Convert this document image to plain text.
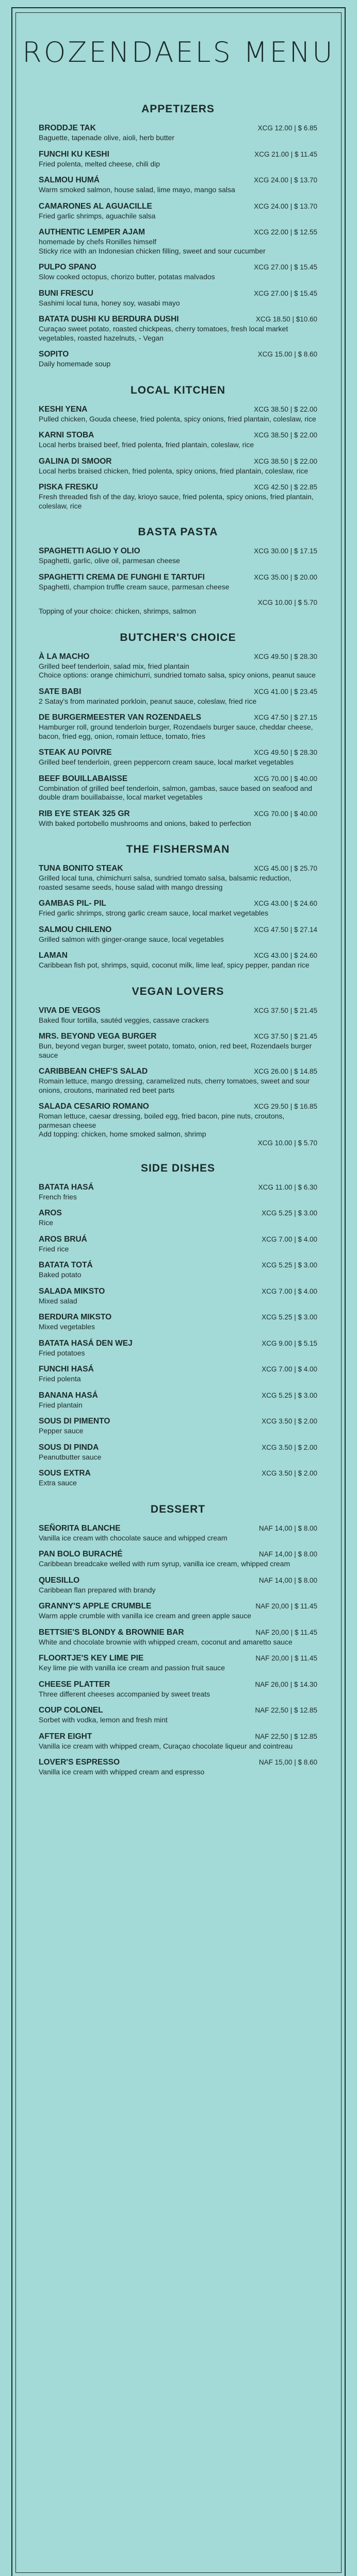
ROZENDAELS MENU
APPETIZERS
BRODDJE TAK	XCG 12.00 | $ 6.85
Baguette, tapenade olive, aioli, herb butter
FUNCHI KU KESHI	XCG 21.00 | $ 11.45
Fried polenta, melted cheese, chili dip
SALMOU HUMÁ	XCG 24.00 | $ 13.70
Warm smoked salmon, house salad, lime mayo, mango salsa
CAMARONES AL AGUACILLE	XCG 24.00 | $ 13.70
Fried garlic shrimps, aguachile salsa
AUTHENTIC LEMPER AJAM	XCG 22.00 | $ 12.55
homemade by chefs Ronilles himself
Sticky rice with an Indonesian chicken filling, sweet and sour cucumber
PULPO SPANO	XCG 27.00 | $ 15.45
Slow cooked octopus, chorizo butter, potatas malvados
BUNI FRESCU	XCG 27.00 | $ 15.45
Sashimi local tuna, honey soy, wasabi mayo
BATATA DUSHI KU BERDURA DUSHI	XCG 18.50 | $10.60
Curaçao sweet potato, roasted chickpeas, cherry tomatoes, fresh local market vegetables, roasted hazelnuts, - Vegan
SOPITO	XCG 15.00 | $ 8.60
Daily homemade soup
LOCAL KITCHEN
KESHI YENA	XCG 38.50 | $ 22.00
Pulled chicken, Gouda cheese, fried polenta, spicy onions, fried plantain, coleslaw, rice
KARNI STOBA	XCG 38.50 | $ 22.00
Local herbs braised beef, fried polenta, fried plantain, coleslaw, rice
GALINA DI SMOOR	XCG 38.50 | $ 22.00
Local herbs braised chicken, fried polenta, spicy onions, fried plantain, coleslaw, rice
PISKA FRESKU	XCG 42.50 | $ 22.85
Fresh threaded fish of the day, krioyo sauce, fried polenta, spicy onions, fried plantain, coleslaw, rice
BASTA PASTA
SPAGHETTI AGLIO Y OLIO	XCG 30.00 | $ 17.15
Spaghetti, garlic, olive oil, parmesan cheese
SPAGHETTI CREMA DE FUNGHI E TARTUFI	XCG 35.00 | $ 20.00
Spaghetti, champion truffle cream sauce, parmesan cheese
XCG 10.00 | $ 5.70
Topping of your choice: chicken, shrimps, salmon
BUTCHER'S CHOICE
À LA MACHO	XCG 49.50 | $ 28.30
Grilled beef tenderloin, salad mix, fried plantain
Choice options: orange chimichurri, sundried tomato salsa, spicy onions, peanut sauce
SATE BABI	XCG 41.00 | $ 23.45
2 Satay's from marinated porkloin, peanut sauce, coleslaw, fried rice
DE BURGERMEESTER VAN ROZENDAELS	XCG 47.50 | $ 27.15
Hamburger roll, ground tenderloin burger, Rozendaels burger sauce, cheddar cheese, bacon, fried egg, onion, romain lettuce, tomato, fries
STEAK AU POIVRE	XCG 49.50 | $ 28.30
Grilled beef tenderloin, green peppercorn cream sauce, local market vegetables
BEEF BOUILLABAISSE	XCG 70.00 | $ 40.00
Combination of grilled beef tenderloin, salmon, gambas, sauce based on seafood and double dram bouillabaisse, local market vegetables
RIB EYE STEAK 325 GR	XCG 70.00 | $ 40.00
With baked portobello mushrooms and onions, baked to perfection
THE FISHERSMAN
TUNA BONITO STEAK	XCG 45.00 | $ 25.70
Grilled local tuna, chimichurri salsa, sundried tomato salsa, balsamic reduction, roasted sesame seeds, house salad with mango dressing
GAMBAS PIL- PIL	XCG 43.00 | $ 24.60
Fried garlic shrimps, strong garlic cream sauce, local market vegetables
SALMOU CHILENO	XCG 47.50 | $ 27.14
Grilled salmon with ginger-orange sauce, local vegetables
LAMAN	XCG 43.00 | $ 24.60
Caribbean fish pot, shrimps, squid, coconut milk, lime leaf, spicy pepper, pandan rice
VEGAN LOVERS
VIVA DE VEGOS	XCG 37.50 | $ 21.45
Baked flour tortilla, sautéd veggies, cassave crackers
MRS. BEYOND VEGA BURGER	XCG 37.50 | $ 21.45
Bun, beyond vegan burger, sweet potato, tomato, onion, red beet, Rozendaels burger sauce
CARIBBEAN CHEF'S SALAD	XCG 26.00 | $ 14.85
Romain lettuce, mango dressing, caramelized nuts, cherry tomatoes, sweet and sour onions, croutons, marinated red beet parts
SALADA CESARIO ROMANO	XCG 29.50 | $ 16.85
Roman lettuce, caesar dressing, boiled egg, fried bacon, pine nuts, croutons, parmesan cheese
Add topping: chicken, home smoked salmon, shrimp
XCG 10.00 | $ 5.70
SIDE DISHES
BATATA HASÁ	XCG 11.00 | $ 6.30
French fries
AROS	XCG 5.25 | $ 3.00
Rice
AROS BRUÁ	XCG 7.00 | $ 4.00
Fried rice
BATATA TOTÁ	XCG 5.25 | $ 3.00
Baked potato
SALADA MIKSTO	XCG 7.00 | $ 4.00
Mixed salad
BERDURA MIKSTO	XCG 5.25 | $ 3.00
Mixed vegetables
BATATA HASÁ DEN WEJ	XCG 9.00 | $ 5.15
Fried potatoes
FUNCHI HASÁ	XCG 7.00 | $ 4.00
Fried polenta
BANANA HASÁ	XCG 5.25 | $ 3.00
Fried plantain
SOUS DI PIMENTO	XCG 3.50 | $ 2.00
Pepper sauce
SOUS DI PINDA	XCG 3.50 | $ 2.00
Peanutbutter sauce
SOUS EXTRA	XCG 3.50 | $ 2.00
Extra sauce
DESSERT
SEÑORITA BLANCHE	NAF 14,00 | $ 8.00
Vanilla ice cream with chocolate sauce and whipped cream
PAN BOLO BURACHÉ	NAF 14,00 | $ 8.00
Caribbean breadcake welled with rum syrup, vanilla ice cream, whipped cream
QUESILLO	NAF 14,00 | $ 8.00
Caribbean flan prepared with brandy
GRANNY'S APPLE CRUMBLE	NAF 20,00 | $ 11.45
Warm apple crumble with vanilla ice cream and green apple sauce
BETTSIE'S BLONDY & BROWNIE BAR	NAF 20,00 | $ 11.45
White and chocolate brownie with whipped cream, coconut and amaretto sauce
FLOORTJE'S KEY LIME PIE	NAF 20,00 | $ 11.45
Key lime pie with vanilla ice cream and passion fruit sauce
CHEESE PLATTER	NAF 26,00 | $ 14.30
Three different cheeses accompanied by sweet treats
COUP COLONEL	NAF 22,50 | $ 12.85
Sorbet with vodka, lemon and fresh mint
AFTER EIGHT	NAF 22,50 | $ 12.85
Vanilla ice cream with whipped cream, Curaçao chocolate liqueur and cointreau
LOVER'S ESPRESSO	NAF 15,00 | $ 8.60
Vanilla ice cream with whipped cream and espresso
